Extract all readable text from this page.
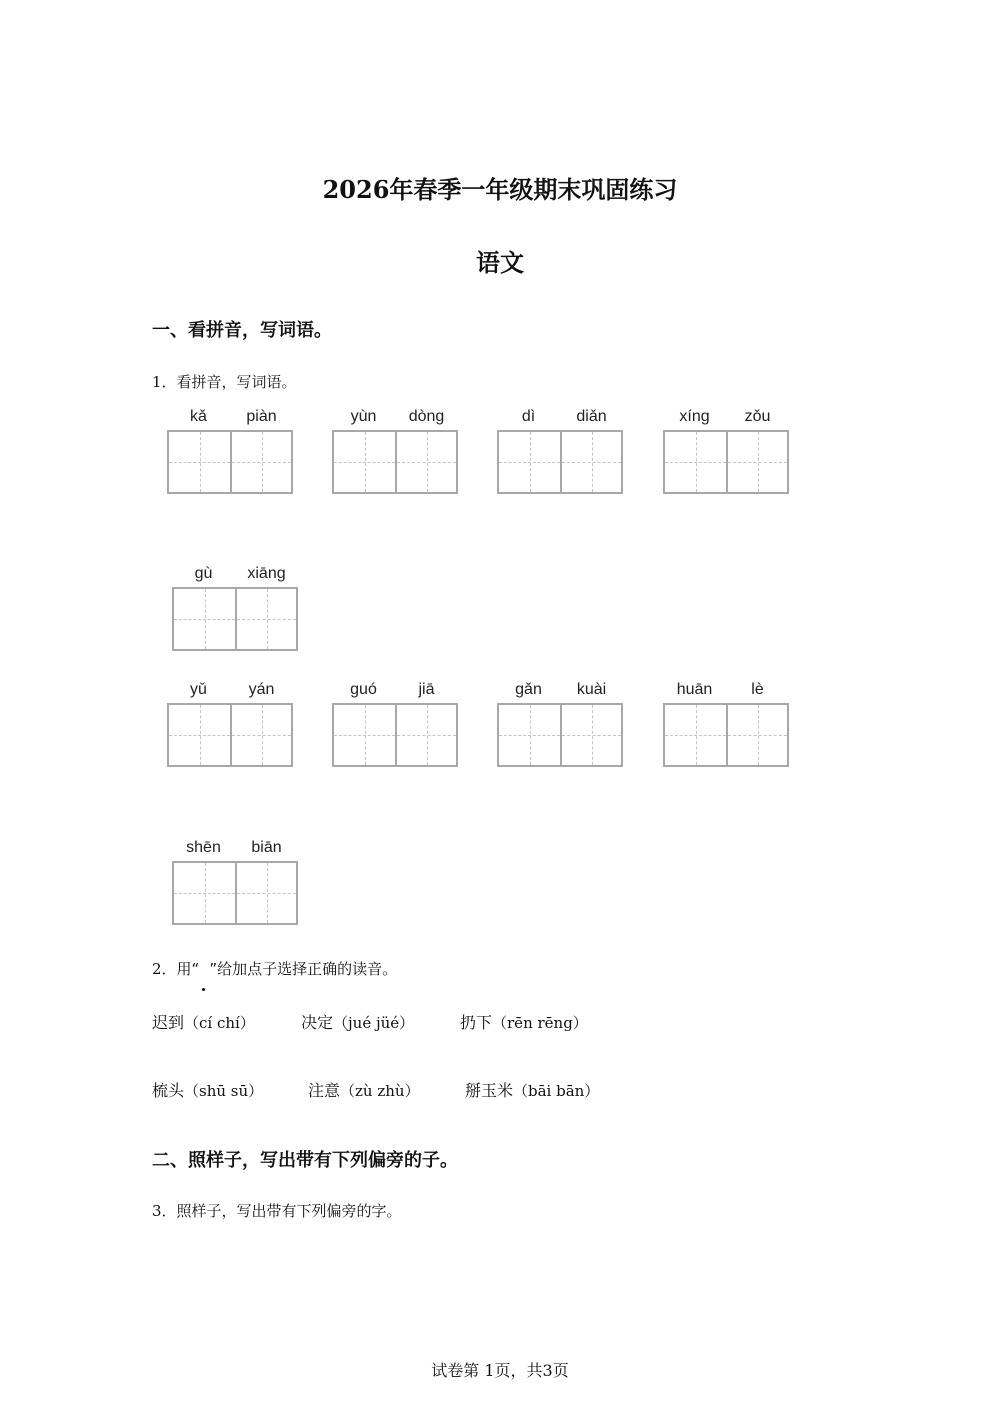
2026年春季一年级期末巩固练习
语文
一、看拼音，写词语。
1．看拼音，写词语。
kǎ	piàn	yùn	dòng	dì	diǎn	xíng	zǒu
gù	xiāng
yǔ	yán	guó	jiā	gǎn	kuài	huān	lè
shēn	biān
2．用“ ”给加点子选择正确的读音。
迟到（cí chí）	决定（jué jüé）	扔下（rēn rēng）
梳头（shū sū）	注意（zù zhù）	掰玉米（bāi bān）
二、照样子，写出带有下列偏旁的子。
3．照样子，写出带有下列偏旁的字。
试卷第 1页，共3页
